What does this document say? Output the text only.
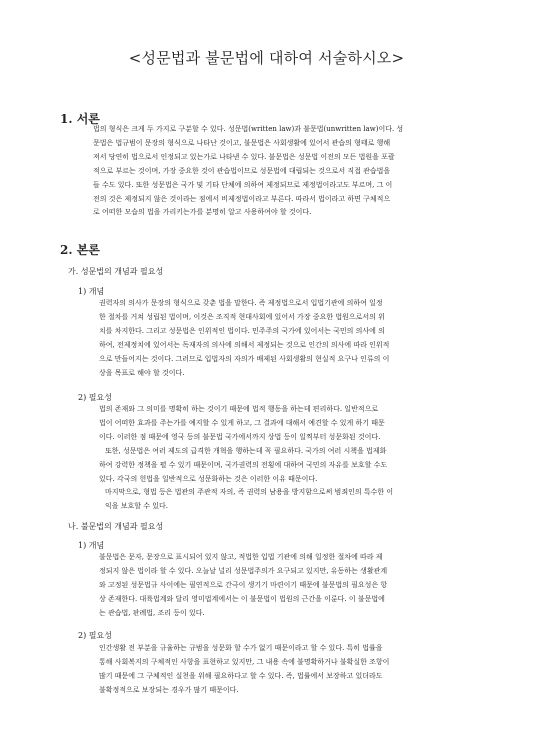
<성문법과 불문법에 대하여 서술하시오>
1. 서론
법의 형식은 크게 두 가지로 구분할 수 있다. 성문법(written law)과 불문법(unwritten law)이다. 성
문법은 법규범이 문장의 형식으로 나타난 것이고, 불문법은 사회생활에 있어서 관습의 형태로 행해
져서 당연히 법으로서 인정되고 있는가로 나타낸 수 있다. 불문법은 성문법 이전의 모든 법원을 포괄
적으로 부르는 것이며, 가장 중요한 것이 관습법이므로 성문법에 대립되는 것으로서 직접 관습법을
들 수도 있다. 또한 성문법은 국가 및 기타 단체에 의하여 제정되므로 제정법이라고도 부르며, 그 이
전의 것은 제정되지 않은 것이라는 점에서 비제정법이라고 부른다. 따라서 법이라고 하면 구체적으
로 어떠한 모습의 법을 가리키는가를 분명히 알고 사용하여야 할 것이다.
2. 본론
가. 성문법의 개념과 필요성
1) 개념
권력자의 의사가 문장의 형식으로 갖춘 법을 말한다. 즉 제정법으로서 입법기관에 의하여 일정
한 절차를 거쳐 성립된 법이며, 이것은 조직적 현대사회에 있어서 가장 중요한 법원으로서의 위
치를 차지한다. 그리고 성문법은 인위적인 법이다. 민주주의 국가에 있어서는 국민의 의사에 의
하여, 전제정치에 있어서는 독재자의 의사에 의해서 제정되는 것으로 인간의 의사에 따라 인위적
으로 만들어지는 것이다. 그러므로 입법자의 자의가 배제된 사회생활의 현실적 요구나 인류의 이
상을 목표로 해야 할 것이다.
2) 필요성
법의 존재와 그 의미를 명확히 하는 것이기 때문에 법적 행동을 하는데 편리하다. 일반적으로
법이 어떠한 효과를 주는가를 예지할 수 있게 하고, 그 결과에 대해서 예견할 수 있게 하기 때문
이다. 이러한 점 때문에 영국 등의 불문법 국가에서까지 상법 등이 일찍부터 성문화된 것이다.
또한, 성문법은 여러 제도의 급격한 개혁을 행하는데 꼭 필요하다. 국가의 여러 시책을 법제화
하여 강력한 정책을 펼 수 있기 때문이며, 국가권력의 전횡에 대하여 국민의 자유를 보호할 수도
있다. 각국의 헌법을 일반적으로 성문화하는 것은 이러한 이유 때문이다.
마지막으로, 형법 등은 법관의 주관적 자의, 즉 권력의 남용을 방지함으로써 범죄인의 특수한 이
익을 보호할 수 있다.
나. 불문법의 개념과 필요성
1) 개념
불문법은 문자, 문장으로 표시되어 있지 않고, 적법한 입법 기관에 의해 일정한 절차에 따라 제
정되지 않은 법이라 할 수 있다. 오늘날 널리 성문법주의가 요구되고 있지만, 유동하는 생활관계
와 고정된 성문법규 사이에는 필연적으로 간극이 생기기 마련이기 때문에 불문법의 필요성은 항
상 존재한다. 대륙법계와 달리 영미법계에서는 이 불문법이 법원의 근간을 이룬다. 이 불문법에
는 관습법, 판례법, 조리 등이 있다.
2) 필요성
인간생활 전 부분을 규율하는 규범을 성문화 할 수가 없기 때문이라고 할 수 있다. 특히 법률을
통해 사회복지의 구체적인 사항을 표현하고 있지만, 그 내용 속에 불명확하거나 불확실한 조항이
많기 때문에 그 구체적인 실천을 위해 필요하다고 할 수 있다. 즉, 법률에서 보장하고 있더라도
불확정적으로 보장되는 경우가 많기 때문이다.
